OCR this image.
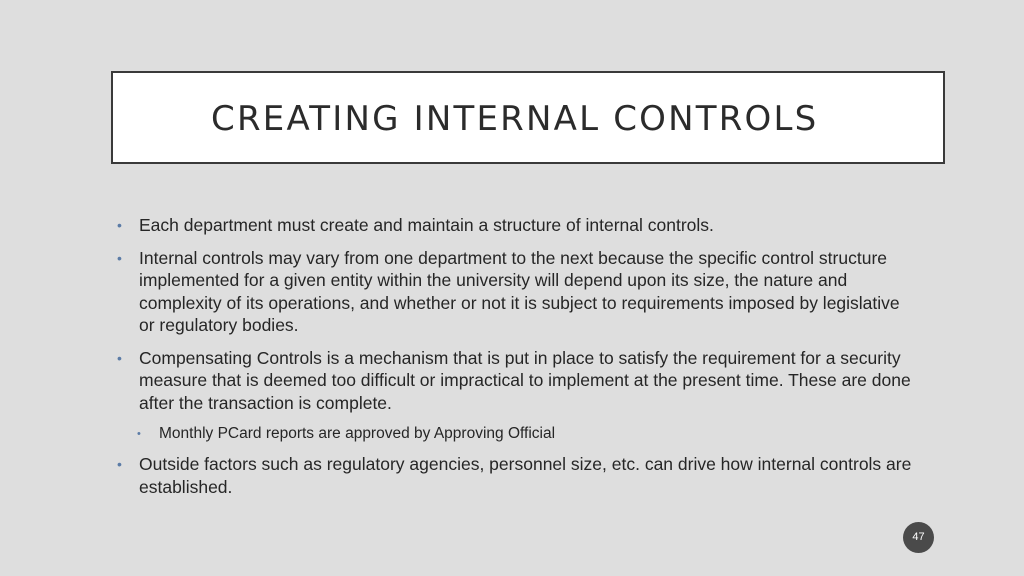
CREATING INTERNAL CONTROLS
• Each department must create and maintain a structure of internal controls.
• Internal controls may vary from one department to the next because the specific control structure implemented for a given entity within the university will depend upon its size, the nature and complexity of its operations, and whether or not it is subject to requirements imposed by legislative or regulatory bodies.
• Compensating Controls is a mechanism that is put in place to satisfy the requirement for a security measure that is deemed too difficult or impractical to implement at the present time. These are done after the transaction is complete.
• Monthly PCard reports are approved by Approving Official
• Outside factors such as regulatory agencies, personnel size, etc. can drive how internal controls are established.
47
